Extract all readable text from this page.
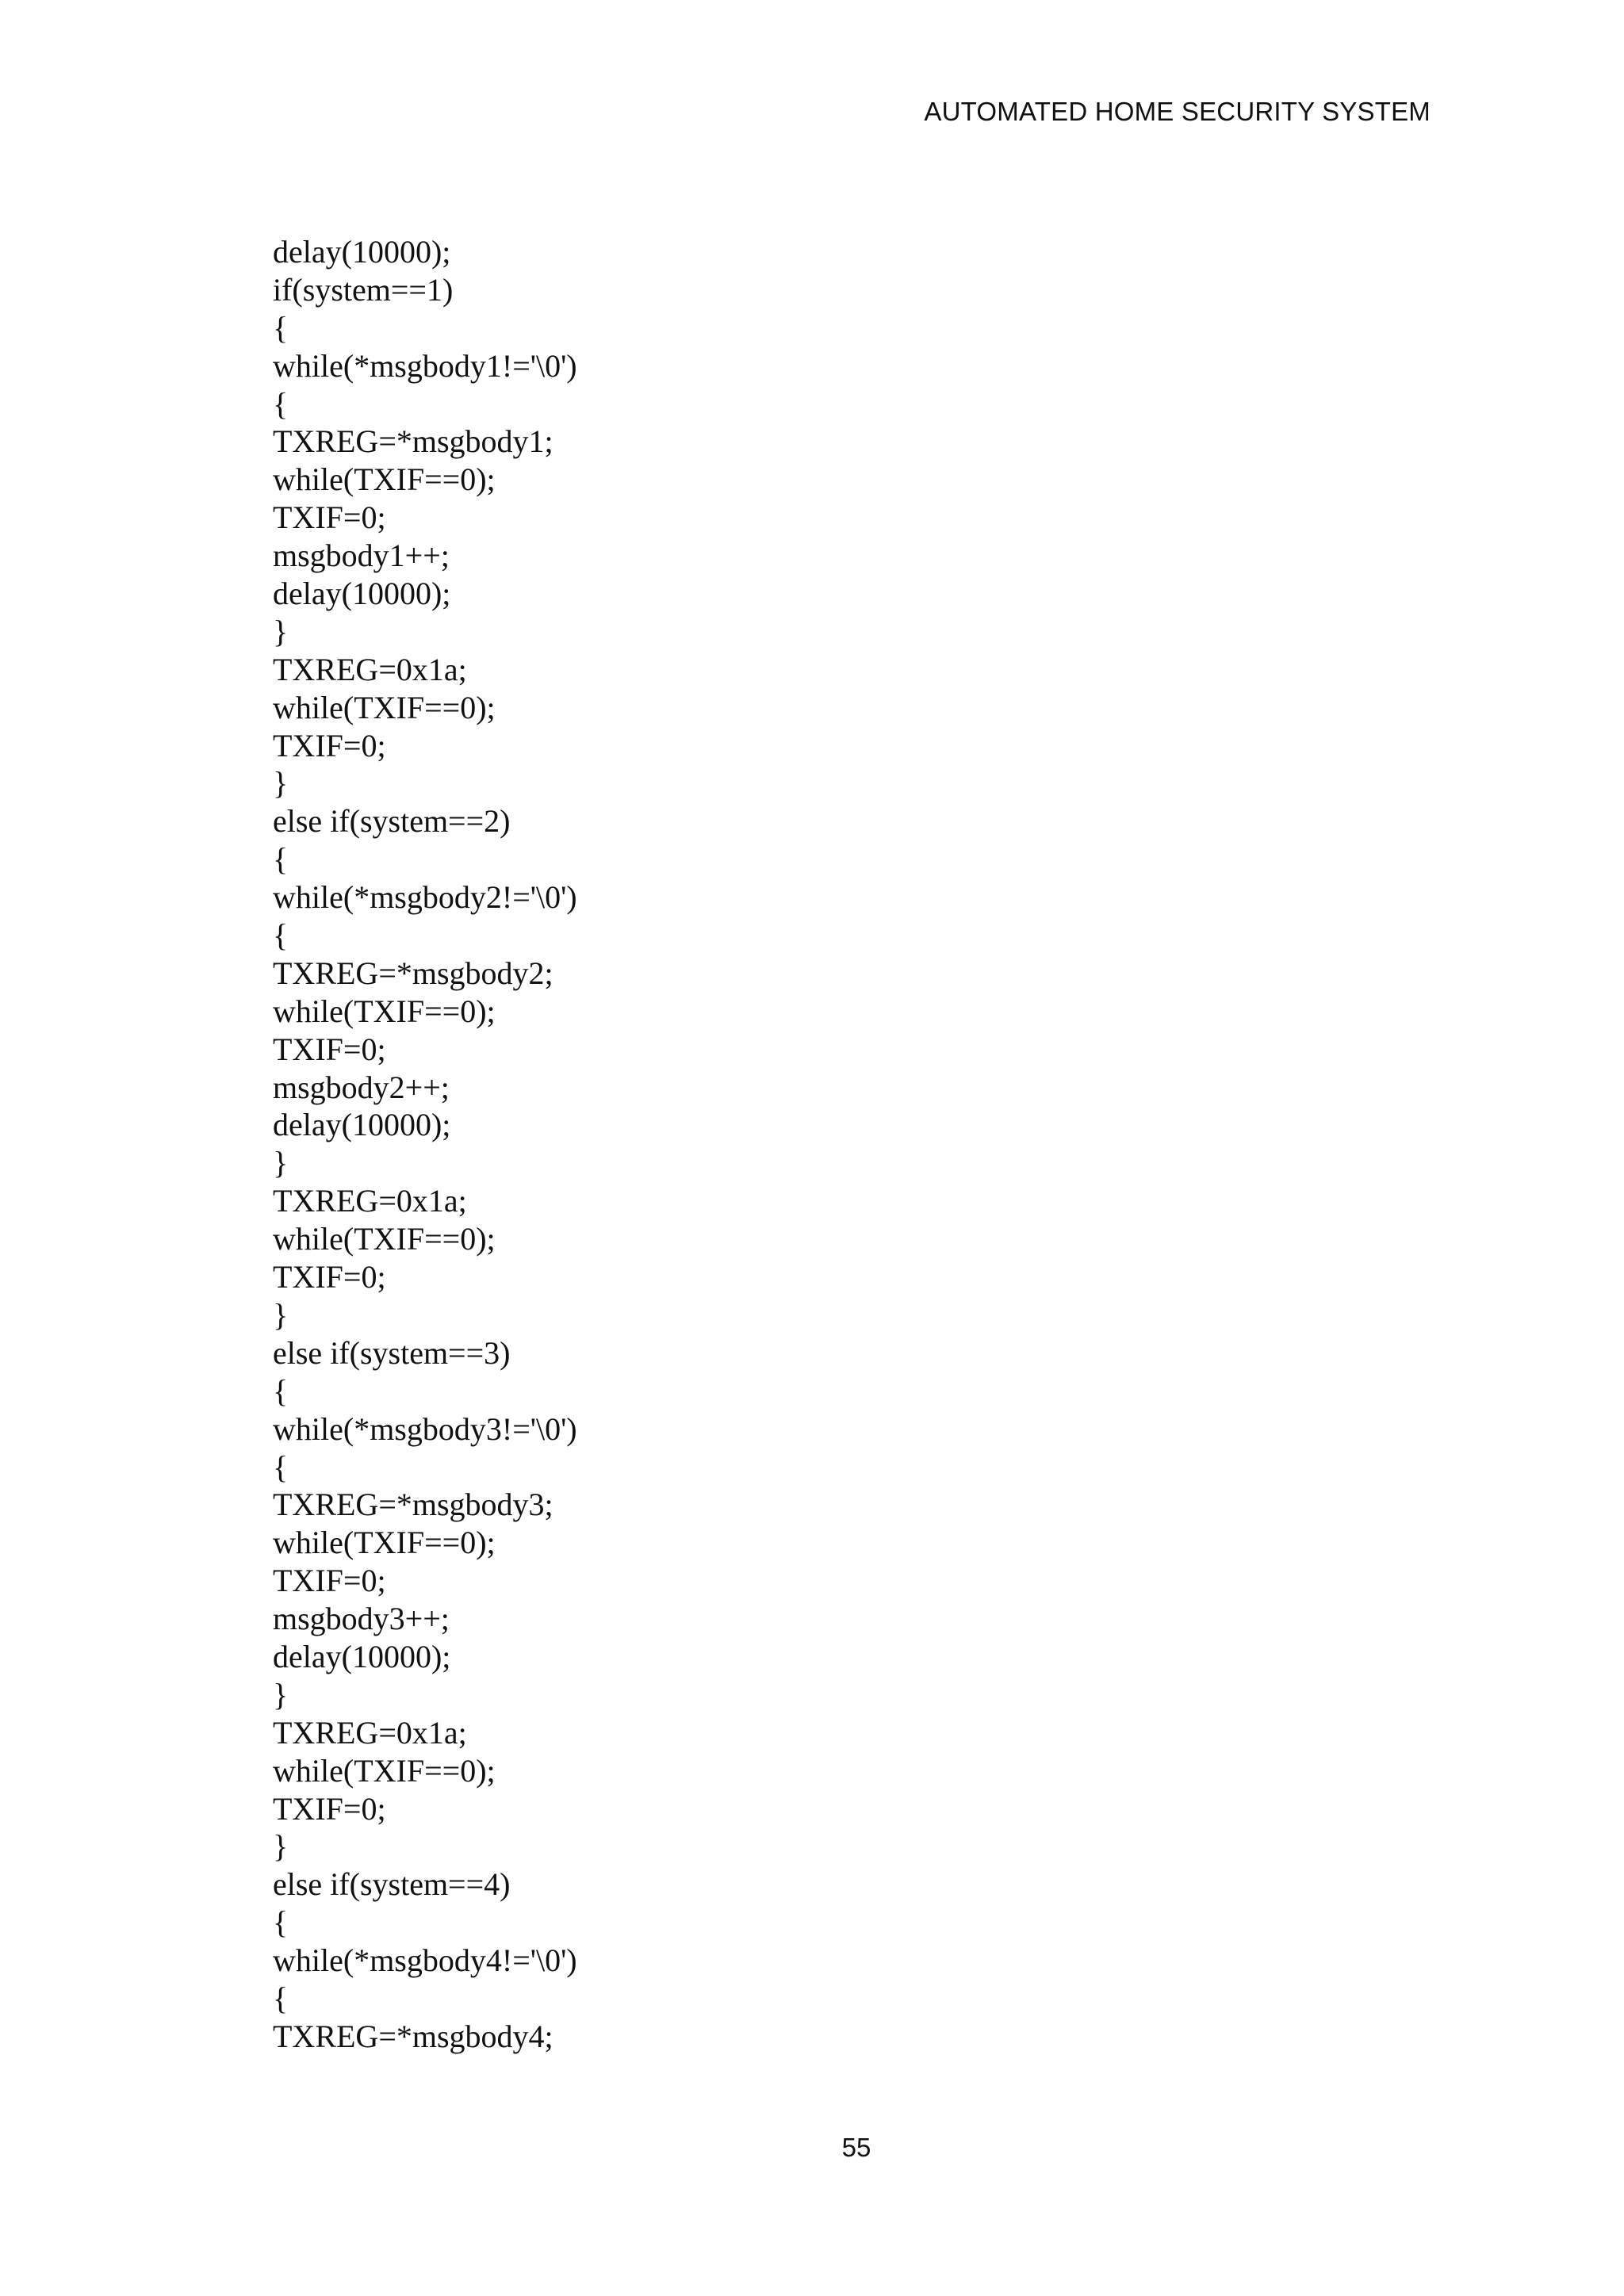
AUTOMATED HOME SECURITY SYSTEM
delay(10000);
if(system==1)
{
while(*msgbody1!='\0')
{
TXREG=*msgbody1;
while(TXIF==0);
TXIF=0;
msgbody1++;
delay(10000);
}
TXREG=0x1a;
while(TXIF==0);
TXIF=0;
}
else if(system==2)
{
while(*msgbody2!='\0')
{
TXREG=*msgbody2;
while(TXIF==0);
TXIF=0;
msgbody2++;
delay(10000);
}
TXREG=0x1a;
while(TXIF==0);
TXIF=0;
}
else if(system==3)
{
while(*msgbody3!='\0')
{
TXREG=*msgbody3;
while(TXIF==0);
TXIF=0;
msgbody3++;
delay(10000);
}
TXREG=0x1a;
while(TXIF==0);
TXIF=0;
}
else if(system==4)
{
while(*msgbody4!='\0')
{
TXREG=*msgbody4;
55
